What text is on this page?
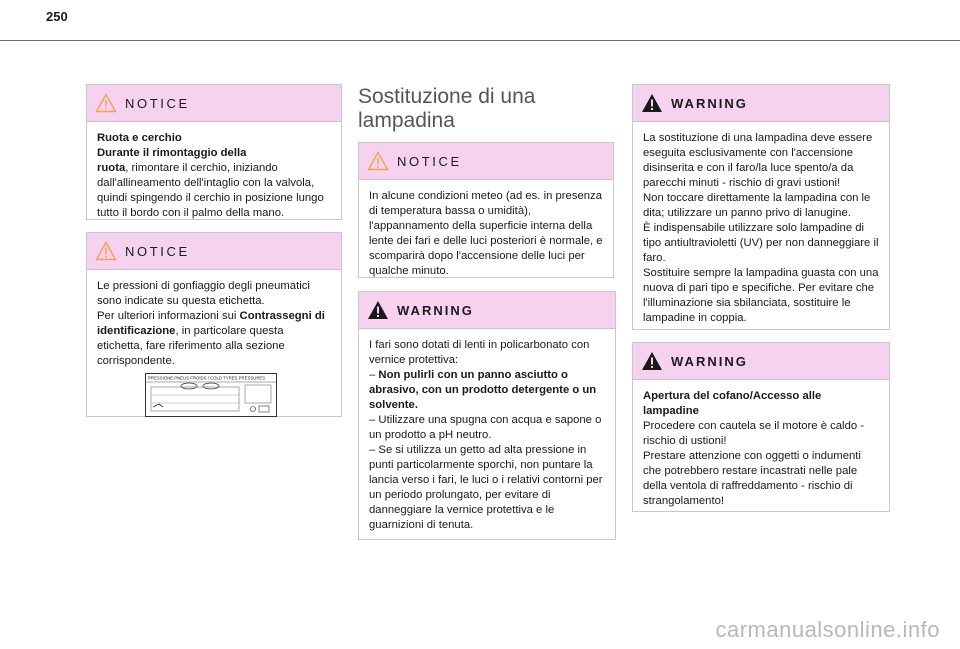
250
NOTICE

Ruota e cerchio
Durante il rimontaggio della
ruota, rimontare il cerchio, iniziando dall'allineamento dell'intaglio con la valvola, quindi spingendo il cerchio in posizione lungo tutto il bordo con il palmo della mano.

NOTICE

Le pressioni di gonfiaggio degli pneumatici sono indicate su questa etichetta.
Per ulteriori informazioni sui Contrassegni di identificazione, in particolare questa etichetta, fare riferimento alla sezione corrispondente.

PRESSIONE PNEUS FROIDS / COLD TYRES PRESSURES
Sostituzione di una lampadina
NOTICE

In alcune condizioni meteo (ad es. in presenza di temperatura bassa o umidità), l'appannamento della superficie interna della lente dei fari e delle luci posteriori è normale, e scomparirà dopo l'accensione delle luci per qualche minuto.

WARNING

I fari sono dotati di lenti in policarbonato con vernice protettiva:
– Non pulirli con un panno asciutto o abrasivo, con un prodotto detergente o un solvente.
– Utilizzare una spugna con acqua e sapone o un prodotto a pH neutro.
– Se si utilizza un getto ad alta pressione in punti particolarmente sporchi, non puntare la lancia verso i fari, le luci o i relativi contorni per un periodo prolungato, per evitare di danneggiare la vernice protettiva e le guarnizioni di tenuta.

WARNING

La sostituzione di una lampadina deve essere eseguita esclusivamente con l'accensione disinserita e con il faro/la luce spento/a da parecchi minuti - rischio di gravi ustioni!
Non toccare direttamente la lampadina con le dita; utilizzare un panno privo di lanugine.
È indispensabile utilizzare solo lampadine di tipo antiultravioletti (UV) per non danneggiare il faro.
Sostituire sempre la lampadina guasta con una nuova di pari tipo e specifiche. Per evitare che l'illuminazione sia sbilanciata, sostituire le lampadine in coppia.

WARNING

Apertura del cofano/Accesso alle lampadine
Procedere con cautela se il motore è caldo - rischio di ustioni!
Prestare attenzione con oggetti o indumenti che potrebbero restare incastrati nelle pale della ventola di raffreddamento - rischio di strangolamento!

carmanualsonline.info
